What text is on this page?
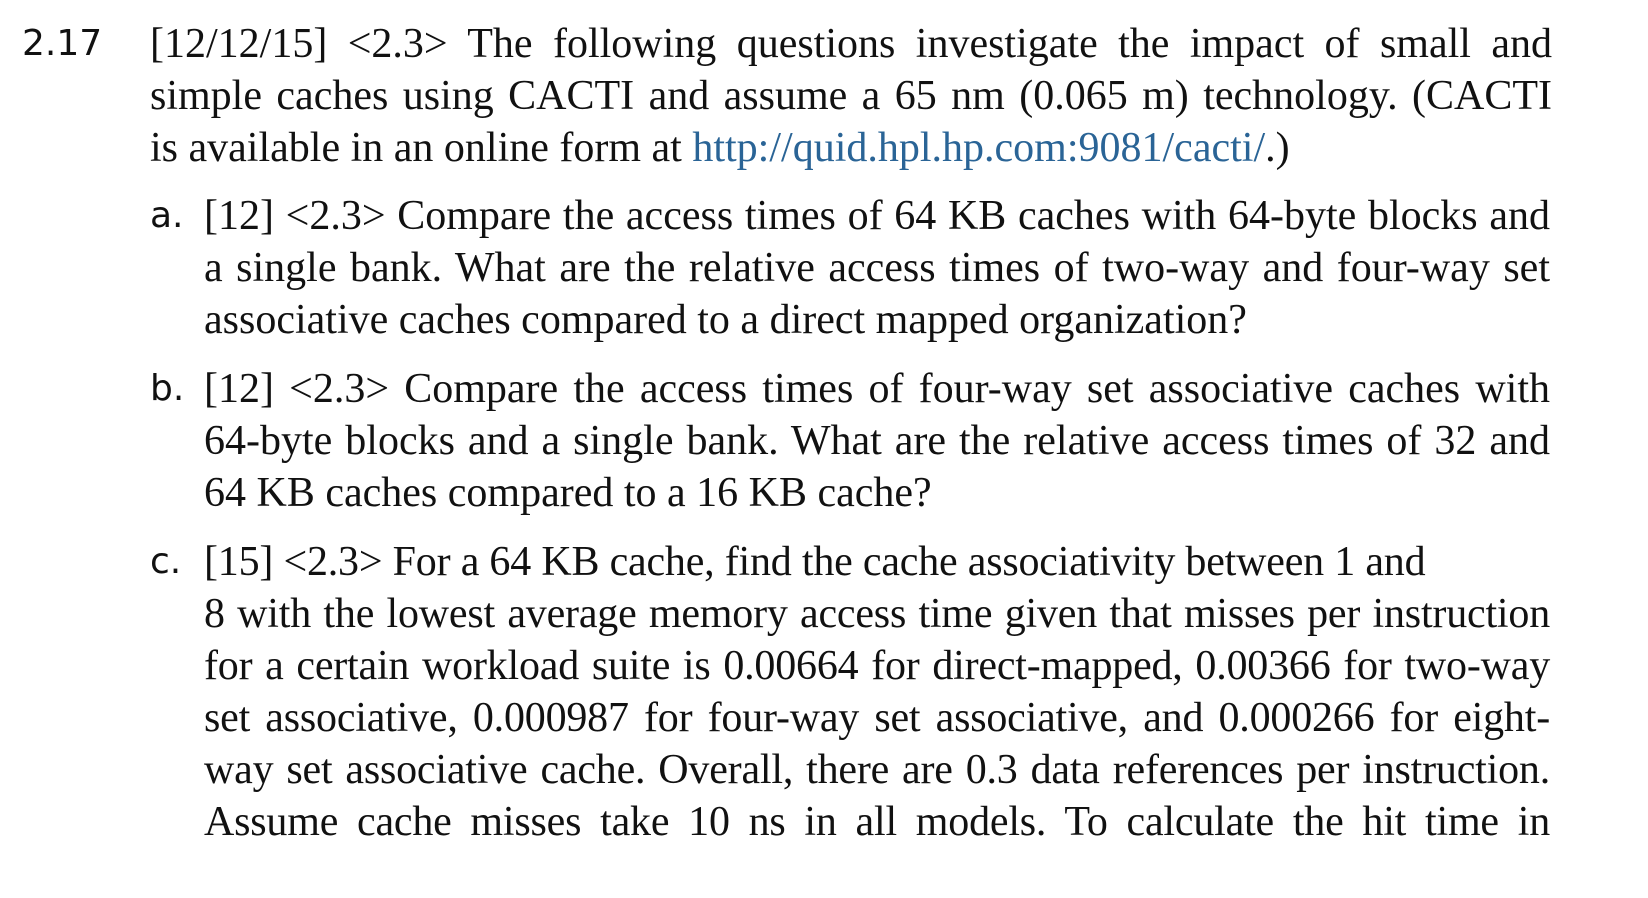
2.17 [12/12/15] <2.3> The following questions investigate the impact of small and
simple caches using CACTI and assume a 65 nm (0.065 m) technology. (CACTI
is available in an online form at http://quid.hpl.hp.com:9081/cacti/.)
a. [12] <2.3> Compare the access times of 64 KB caches with 64-byte blocks and
a single bank. What are the relative access times of two-way and four-way set
associative caches compared to a direct mapped organization?
b. [12] <2.3> Compare the access times of four-way set associative caches with
64-byte blocks and a single bank. What are the relative access times of 32 and
64 KB caches compared to a 16 KB cache?
c. [15] <2.3> For a 64 KB cache, find the cache associativity between 1 and
8 with the lowest average memory access time given that misses per instruction
for a certain workload suite is 0.00664 for direct-mapped, 0.00366 for two-way
set associative, 0.000987 for four-way set associative, and 0.000266 for eight-
way set associative cache. Overall, there are 0.3 data references per instruction.
Assume cache misses take 10 ns in all models. To calculate the hit time in
